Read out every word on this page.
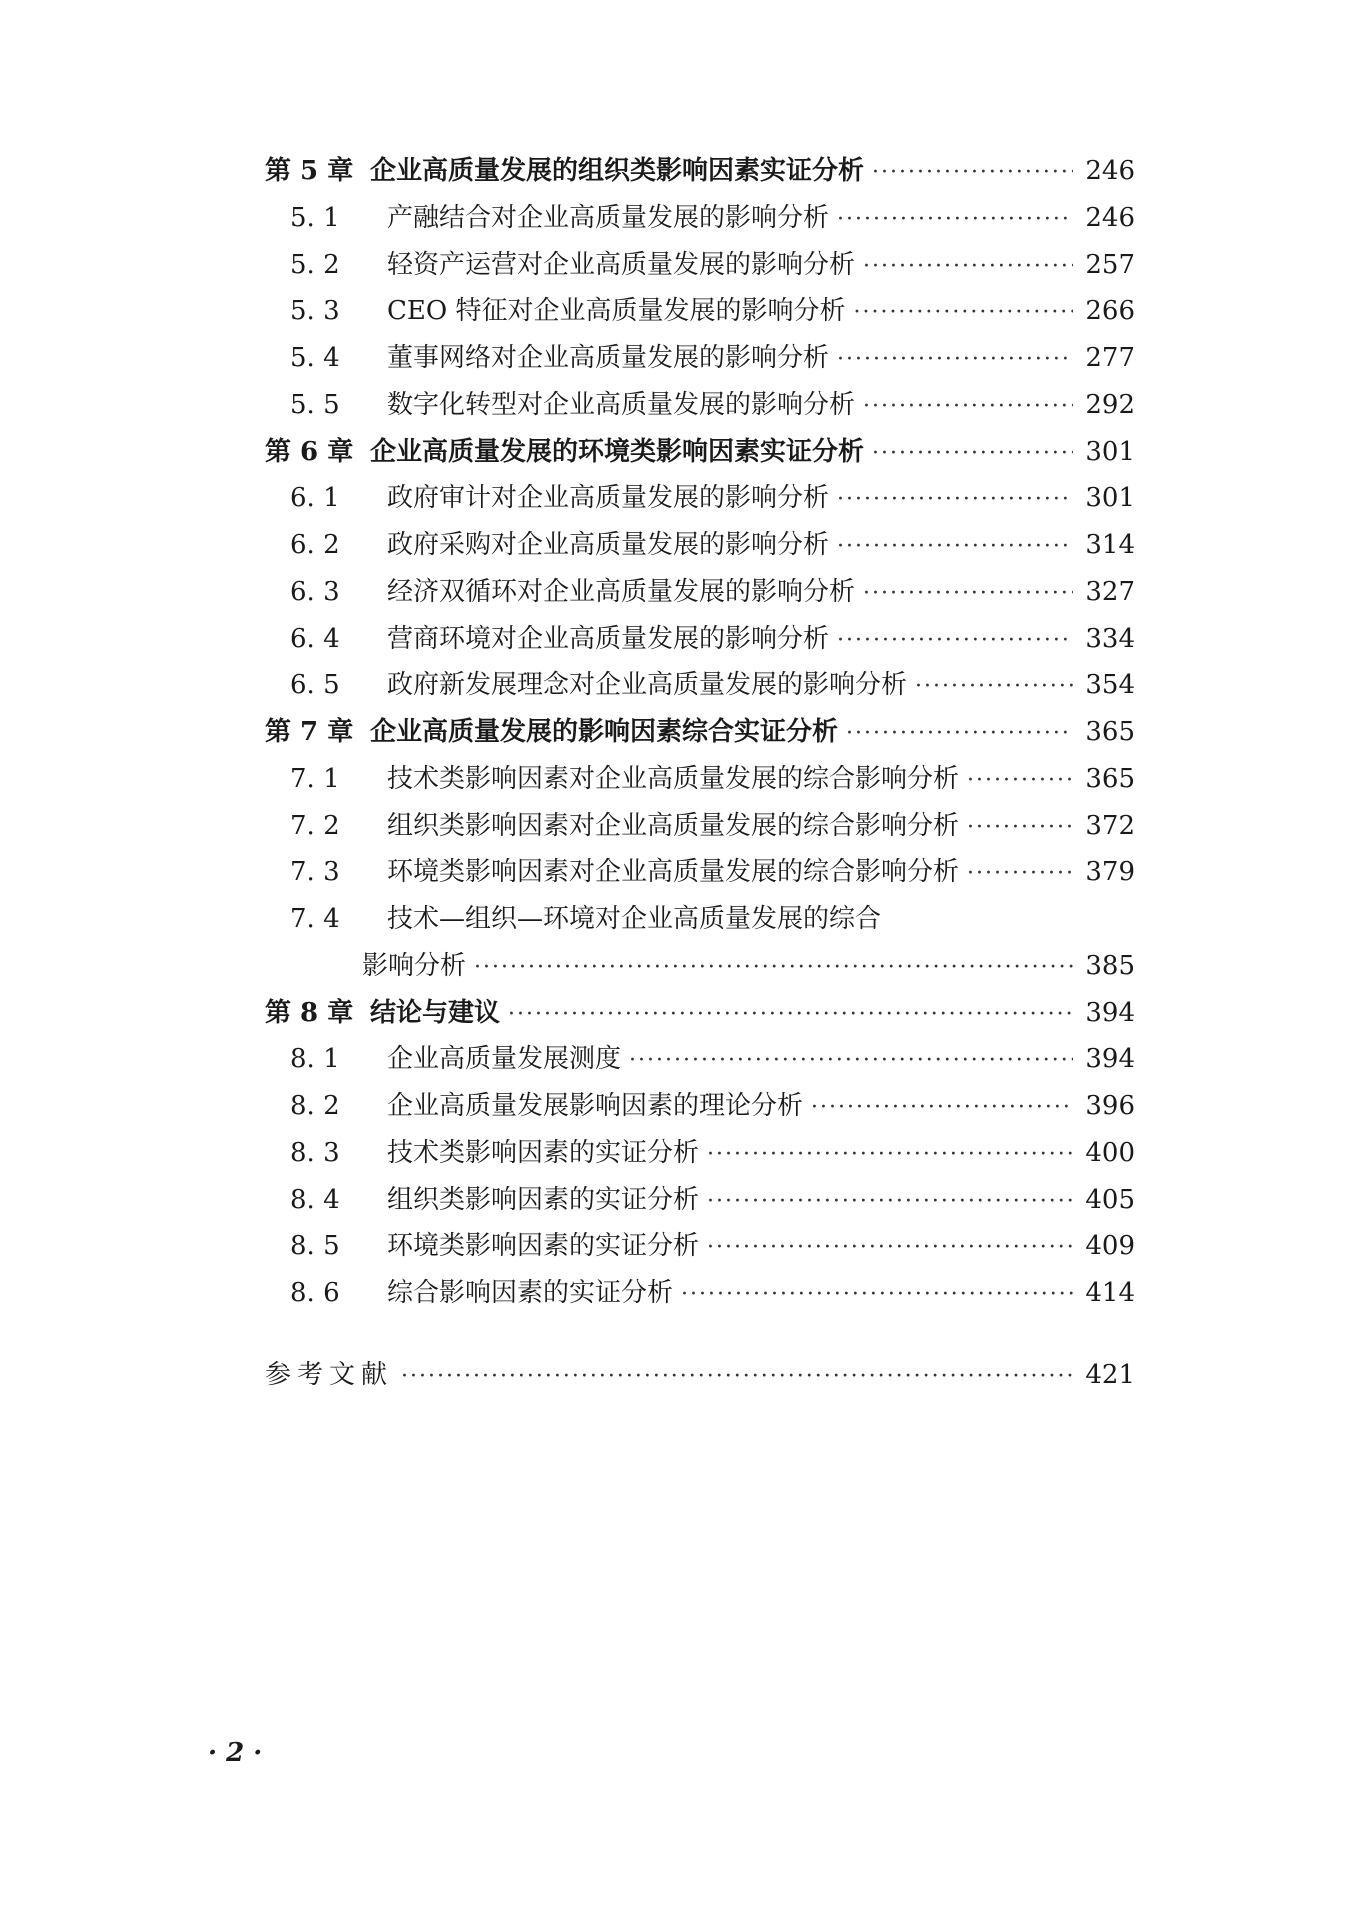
第 5 章 企业高质量发展的组织类影响因素实证分析 ·····	246
5. 1	产融结合对企业高质量发展的影响分析 ·····	246
5. 2	轻资产运营对企业高质量发展的影响分析 ·····	257
5. 3	CEO 特征对企业高质量发展的影响分析 ·····	266
5. 4	董事网络对企业高质量发展的影响分析 ·····	277
5. 5	数字化转型对企业高质量发展的影响分析 ·····	292
第 6 章 企业高质量发展的环境类影响因素实证分析 ·····	301
6. 1	政府审计对企业高质量发展的影响分析 ·····	301
6. 2	政府采购对企业高质量发展的影响分析 ·····	314
6. 3	经济双循环对企业高质量发展的影响分析 ·····	327
6. 4	营商环境对企业高质量发展的影响分析 ·····	334
6. 5	政府新发展理念对企业高质量发展的影响分析 ·····	354
第 7 章 企业高质量发展的影响因素综合实证分析 ·····	365
7. 1	技术类影响因素对企业高质量发展的综合影响分析 ·····	365
7. 2	组织类影响因素对企业高质量发展的综合影响分析 ·····	372
7. 3	环境类影响因素对企业高质量发展的综合影响分析 ·····	379
7. 4	技术—组织—环境对企业高质量发展的综合
影响分析 ·····	385
第 8 章 结论与建议 ·····	394
8. 1	企业高质量发展测度 ·····	394
8. 2	企业高质量发展影响因素的理论分析 ·····	396
8. 3	技术类影响因素的实证分析 ·····	400
8. 4	组织类影响因素的实证分析 ·····	405
8. 5	环境类影响因素的实证分析 ·····	409
8. 6	综合影响因素的实证分析 ·····	414
参考文献 ·····	421
· 2 ·
